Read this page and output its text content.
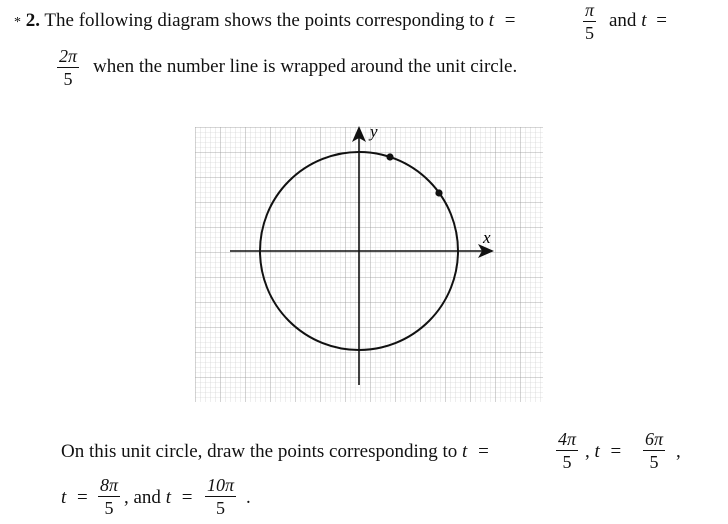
* 2. The following diagram shows the points corresponding to t =	π
5
and t =
2π
5
when the number line is wrapped around the unit circle.
x
y
On this unit circle, draw the points corresponding to t =
4π
5 , t =
6π
5 ,
t =
8π
5 , and t =
10π
5	.
